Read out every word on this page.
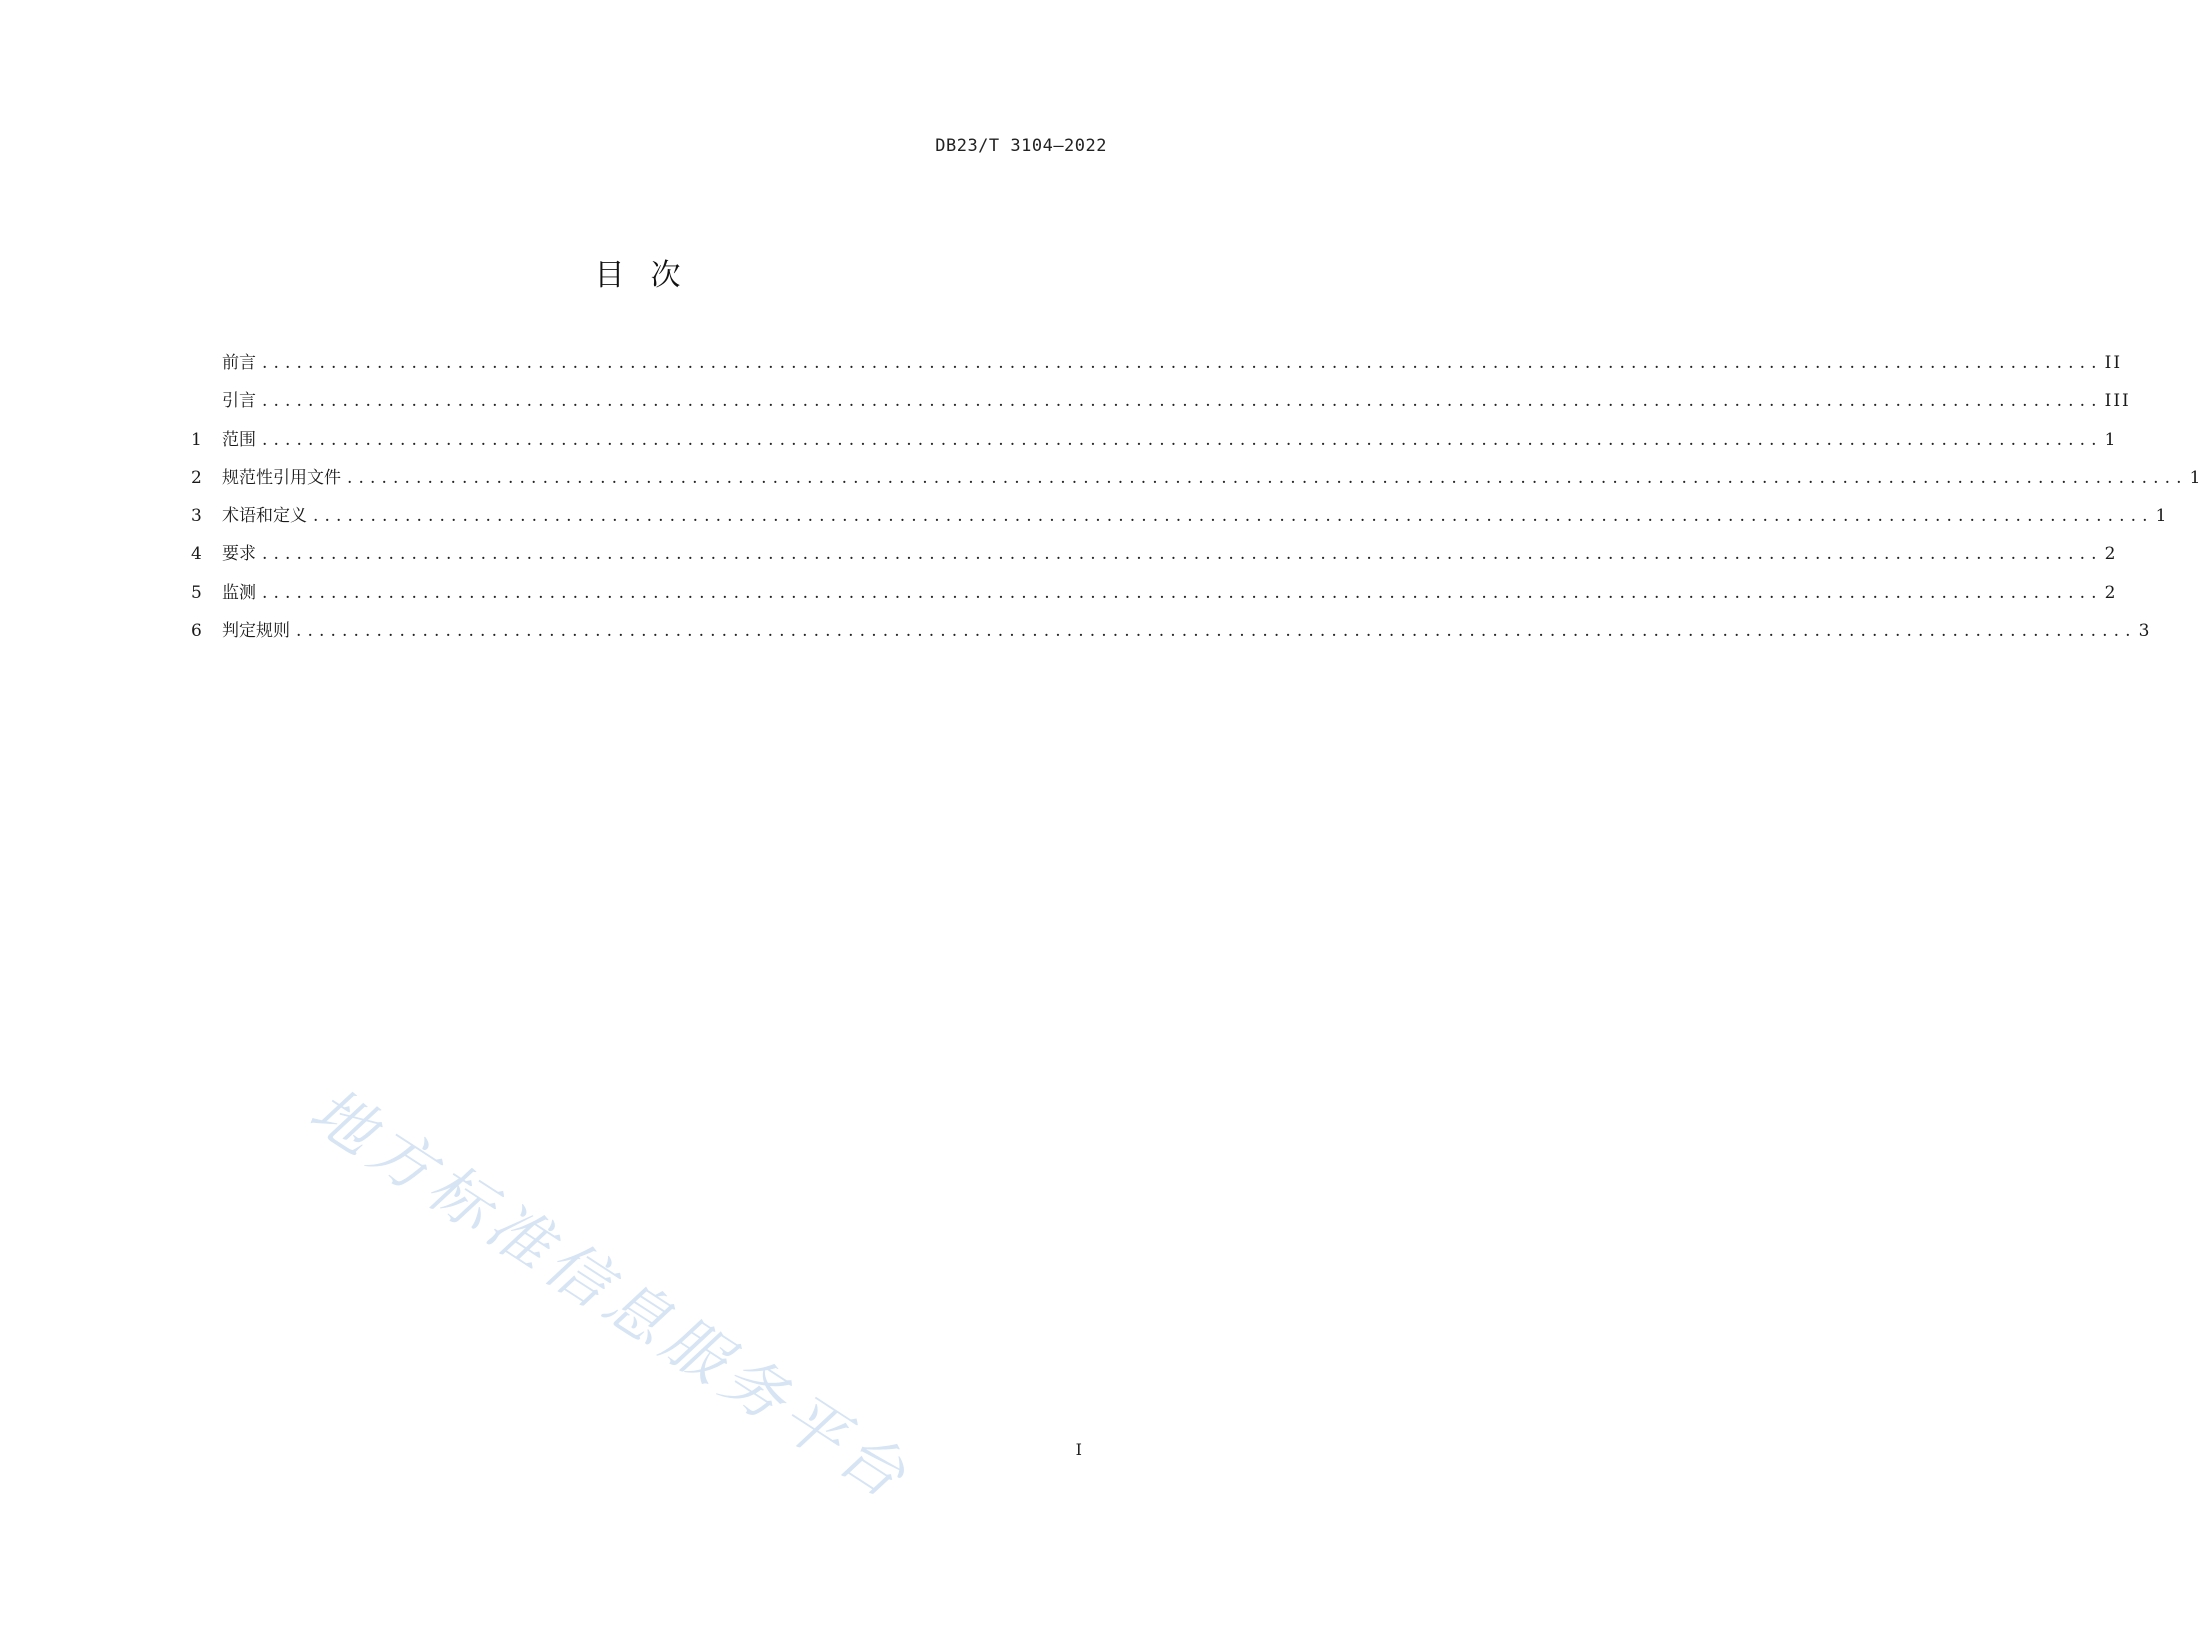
DB23/T 3104—2022
目次
前言 ................................................................................................................................................................ II
引言 ................................................................................................................................................................ III
1	范围 ................................................................................................................................................................ 1
2	规范性引用文件 ................................................................................................................................................................ 1
3	术语和定义 ................................................................................................................................................................ 1
4	要求 ................................................................................................................................................................ 2
5	监测 ................................................................................................................................................................ 2
6	判定规则 ................................................................................................................................................................ 3
地方标准信息服务平台	I
